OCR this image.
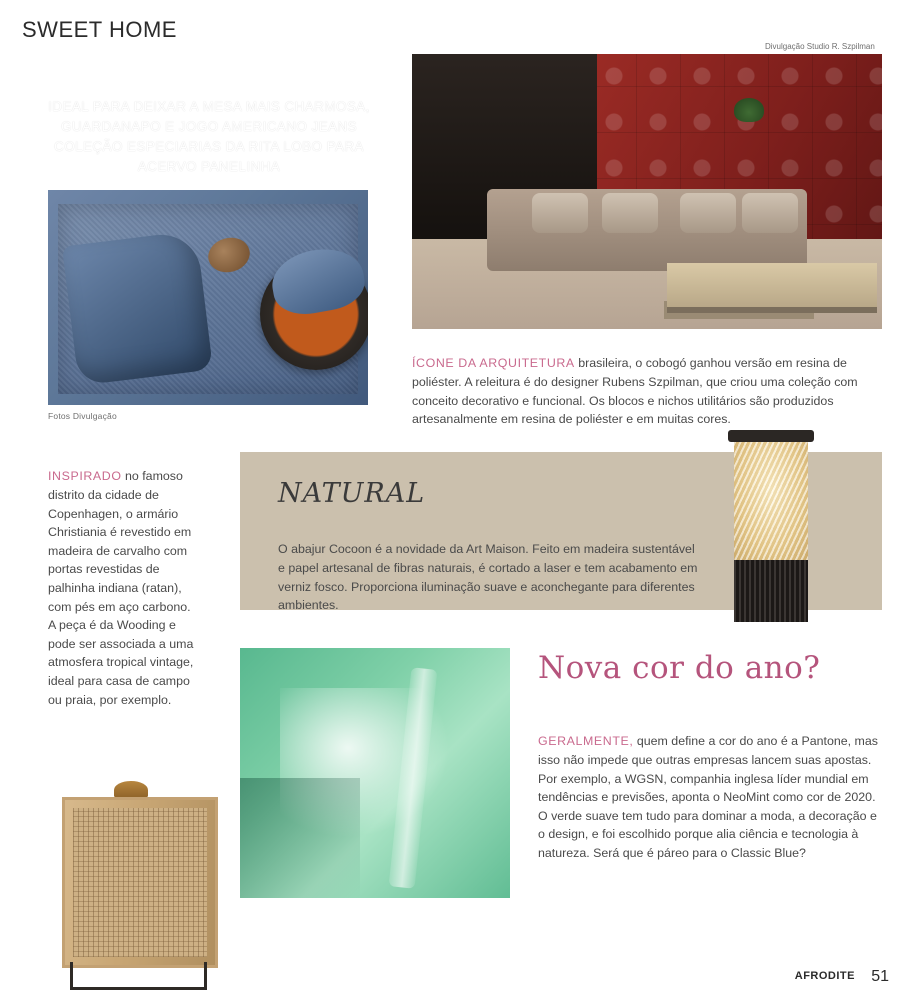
SWEET HOME
IDEAL PARA DEIXAR A MESA MAIS CHARMOSA, GUARDANAPO E JOGO AMERICANO JEANS COLEÇÃO ESPECIARIAS DA RITA LOBO PARA ACERVO PANELINHA
Fotos Divulgação
Divulgação Studio R. Szpilman

ÍCONE DA ARQUITETURA brasileira, o cobogó ganhou versão em resina de poliéster. A releitura é do designer Rubens Szpilman, que criou uma coleção com conceito decorativo e funcional. Os blocos e nichos utilitários são produzidos artesanalmente em resina de poliéster e em muitas cores.

INSPIRADO no famoso distrito da cidade de Copenhagen, o armário Christiania é revestido em madeira de carvalho com portas revestidas de palhinha indiana (ratan), com pés em aço carbono. A peça é da Wooding e pode ser associada a uma atmosfera tropical vintage, ideal para casa de campo ou praia, por exemplo.

NATURAL

O abajur Cocoon é a novidade da Art Maison. Feito em madeira sustentável e papel artesanal de fibras naturais, é cortado a laser e tem acabamento em verniz fosco. Proporciona iluminação suave e aconchegante para diferentes ambientes.

Nova cor do ano?

GERALMENTE, quem define a cor do ano é a Pantone, mas isso não impede que outras empresas lancem suas apostas. Por exemplo, a WGSN, companhia inglesa líder mundial em tendências e previsões, aponta o NeoMint como cor de 2020. O verde suave tem tudo para dominar a moda, a decoração e o design, e foi escolhido porque alia ciência e tecnologia à natureza. Será que é páreo para o Classic Blue?

AFRODITE 51
